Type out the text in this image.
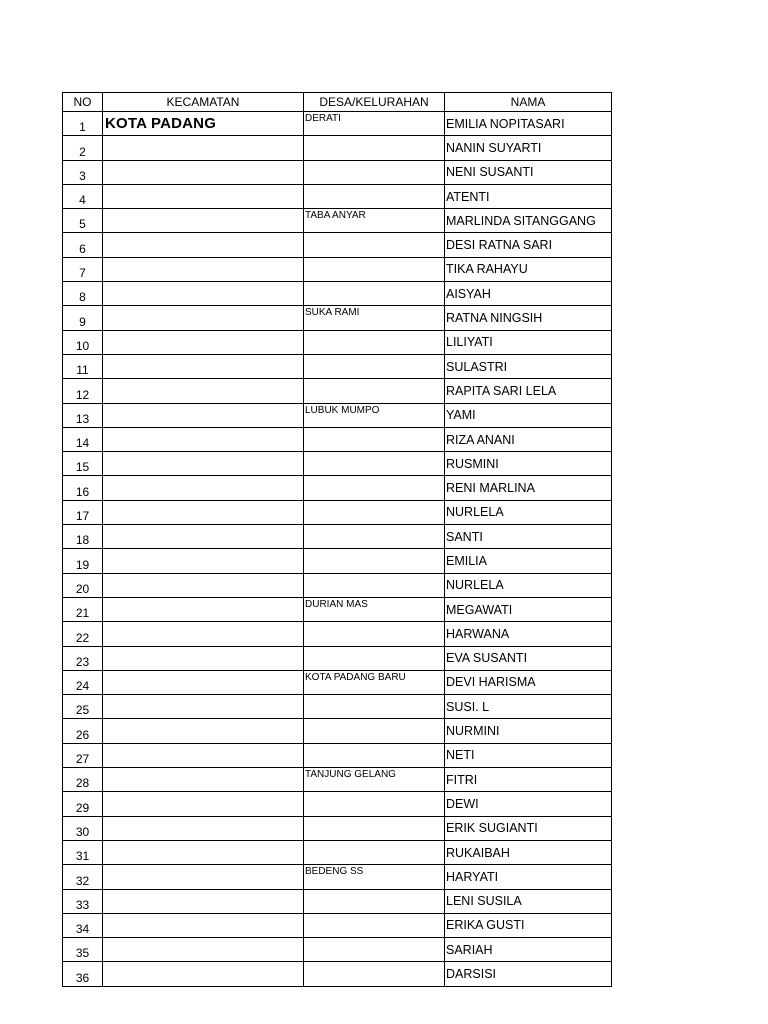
NO	KECAMATAN	DESA/KELURAHAN	NAMA
1	KOTA PADANG	DERATI	EMILIA NOPITASARI
2			NANIN SUYARTI
3			NENI SUSANTI
4			ATENTI
5		TABA ANYAR	MARLINDA SITANGGANG
6			DESI RATNA SARI
7			TIKA RAHAYU
8			AISYAH
9		SUKA RAMI	RATNA NINGSIH
10			LILIYATI
11			SULASTRI
12			RAPITA SARI LELA
13		LUBUK MUMPO	YAMI
14			RIZA ANANI
15			RUSMINI
16			RENI MARLINA
17			NURLELA
18			SANTI
19			EMILIA
20			NURLELA
21		DURIAN MAS	MEGAWATI
22			HARWANA
23			EVA SUSANTI
24		KOTA PADANG BARU	DEVI HARISMA
25			SUSI. L
26			NURMINI
27			NETI
28		TANJUNG GELANG	FITRI
29			DEWI
30			ERIK SUGIANTI
31			RUKAIBAH
32		BEDENG SS	HARYATI
33			LENI SUSILA
34			ERIKA GUSTI
35			SARIAH
36			DARSISI
